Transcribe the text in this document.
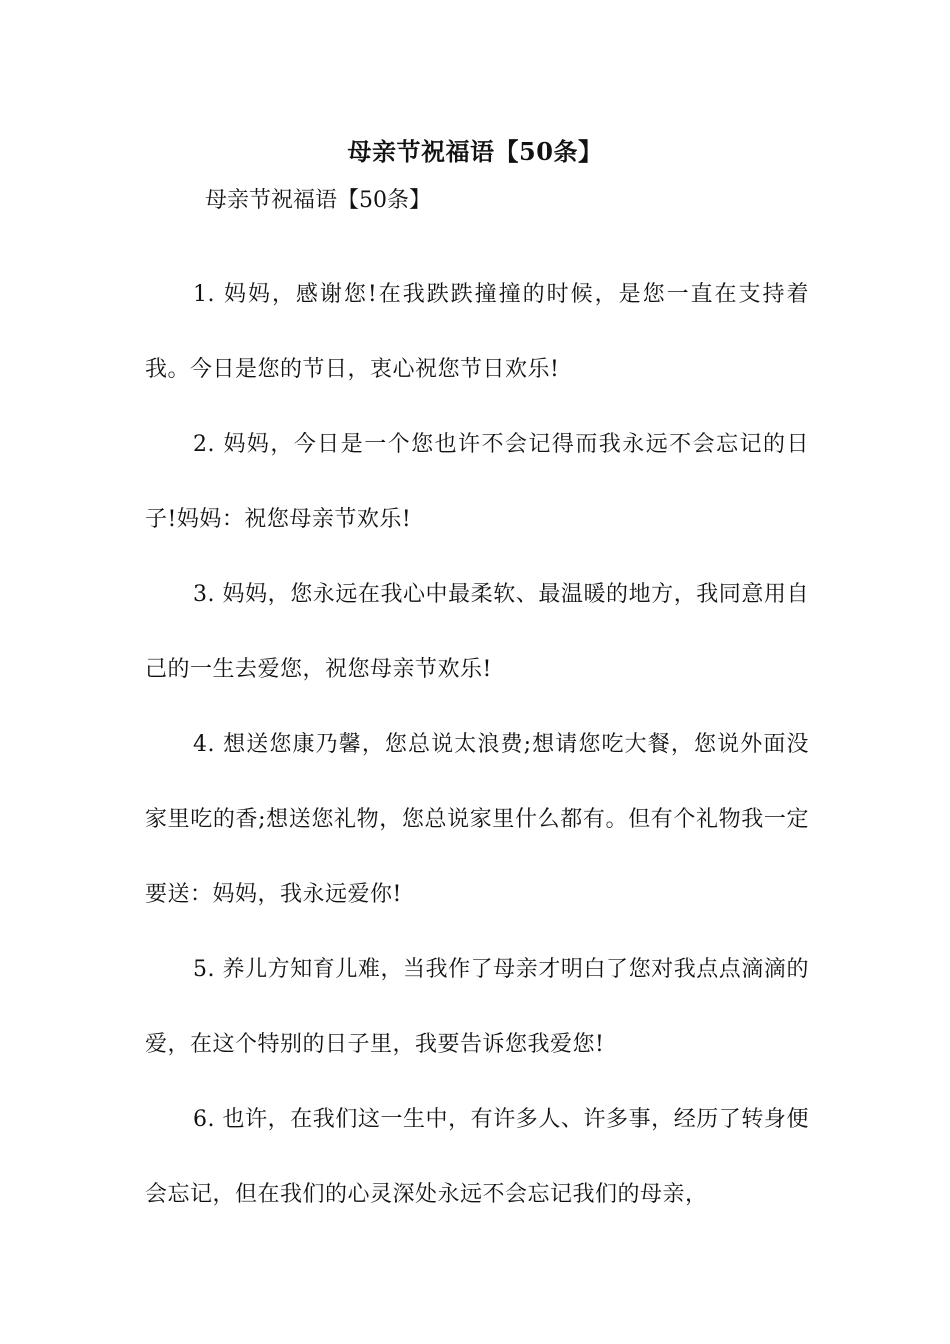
母亲节祝福语【50条】
母亲节祝福语【50条】

1. 妈妈，感谢您!在我跌跌撞撞的时候，是您一直在支持着我。今日是您的节日，衷心祝您节日欢乐!

2. 妈妈，今日是一个您也许不会记得而我永远不会忘记的日子!妈妈：祝您母亲节欢乐!

3. 妈妈，您永远在我心中最柔软、最温暖的地方，我同意用自己的一生去爱您，祝您母亲节欢乐!

4. 想送您康乃馨，您总说太浪费;想请您吃大餐，您说外面没家里吃的香;想送您礼物，您总说家里什么都有。但有个礼物我一定要送：妈妈，我永远爱你!

5. 养儿方知育儿难，当我作了母亲才明白了您对我点点滴滴的爱，在这个特别的日子里，我要告诉您我爱您!

6. 也许，在我们这一生中，有许多人、许多事，经历了转身便会忘记，但在我们的心灵深处永远不会忘记我们的母亲，
